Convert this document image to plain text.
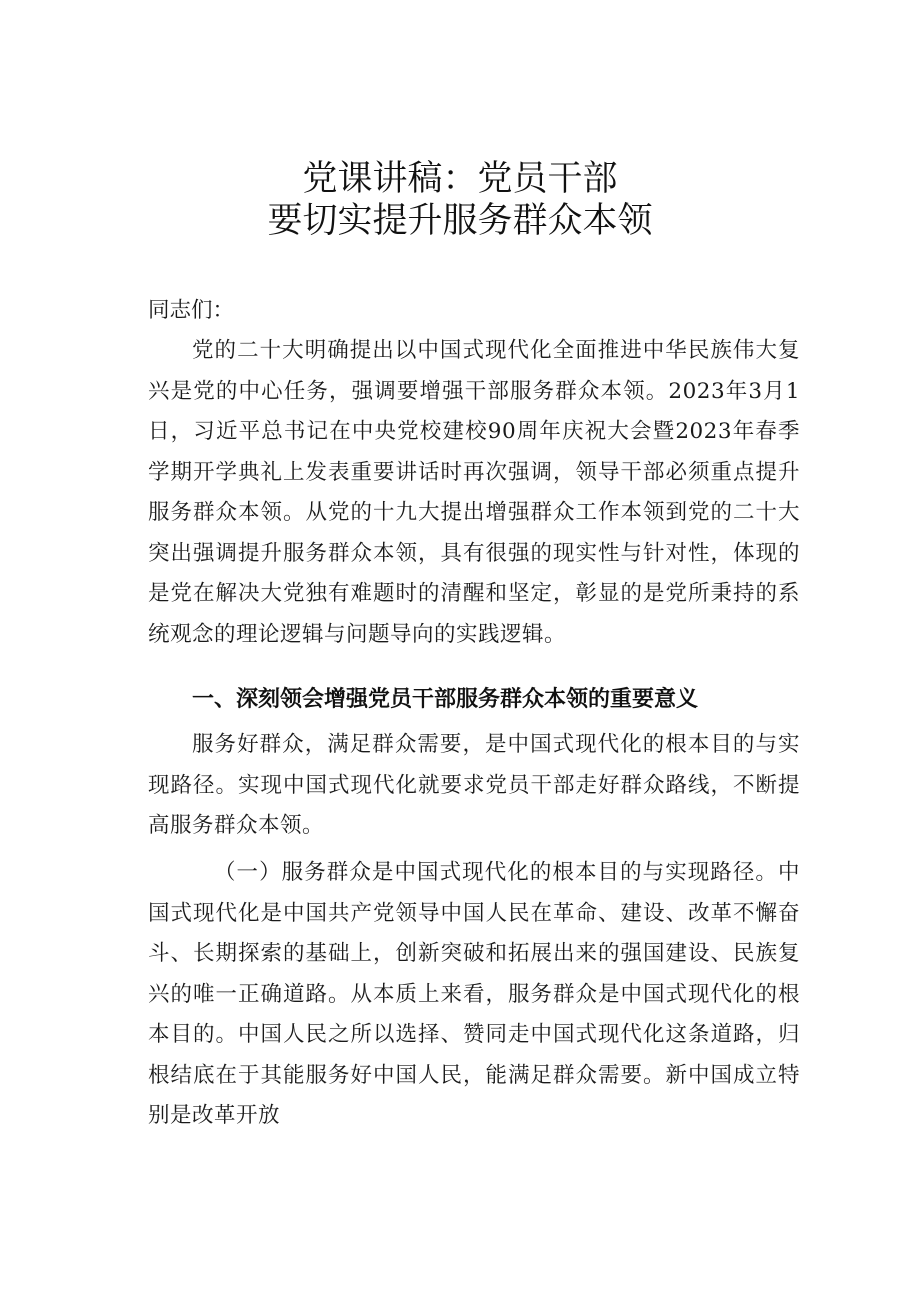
党课讲稿：党员干部
要切实提升服务群众本领
同志们：

党的二十大明确提出以中国式现代化全面推进中华民族伟大复兴是党的中心任务，强调要增强干部服务群众本领。2023年3月1日，习近平总书记在中央党校建校90周年庆祝大会暨2023年春季学期开学典礼上发表重要讲话时再次强调，领导干部必须重点提升服务群众本领。从党的十九大提出增强群众工作本领到党的二十大突出强调提升服务群众本领，具有很强的现实性与针对性，体现的是党在解决大党独有难题时的清醒和坚定，彰显的是党所秉持的系统观念的理论逻辑与问题导向的实践逻辑。

一、深刻领会增强党员干部服务群众本领的重要意义

服务好群众，满足群众需要，是中国式现代化的根本目的与实现路径。实现中国式现代化就要求党员干部走好群众路线，不断提高服务群众本领。

（一）服务群众是中国式现代化的根本目的与实现路径。中国式现代化是中国共产党领导中国人民在革命、建设、改革不懈奋斗、长期探索的基础上，创新突破和拓展出来的强国建设、民族复兴的唯一正确道路。从本质上来看，服务群众是中国式现代化的根本目的。中国人民之所以选择、赞同走中国式现代化这条道路，归根结底在于其能服务好中国人民，能满足群众需要。新中国成立特别是改革开放
